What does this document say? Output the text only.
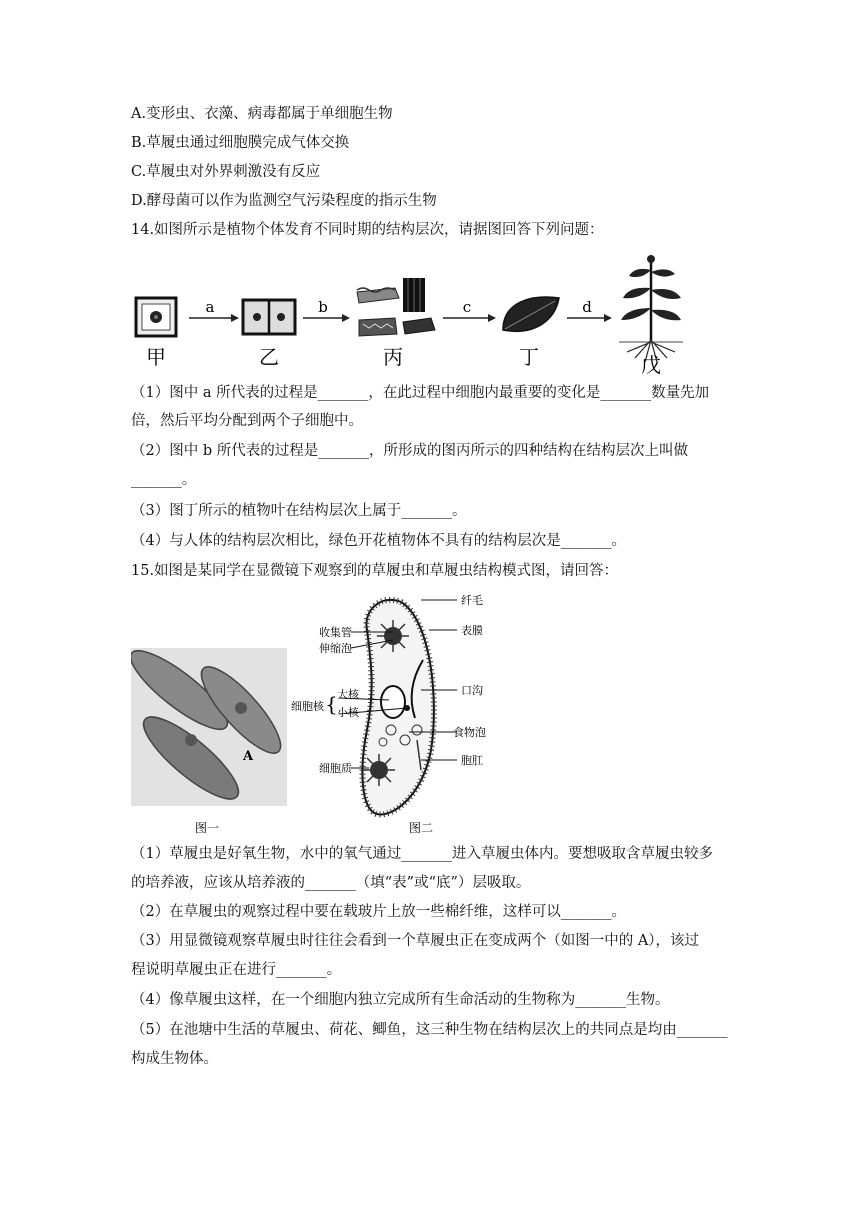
A.变形虫、衣藻、病毒都属于单细胞生物
B.草履虫通过细胞膜完成气体交换
C.草履虫对外界刺激没有反应
D.酵母菌可以作为监测空气污染程度的指示生物
14.如图所示是植物个体发育不同时期的结构层次，请据图回答下列问题：
a	b	c	d
甲	乙	丙	丁	戊
（1）图中 a 所代表的过程是_______，在此过程中细胞内最重要的变化是_______数量先加
倍，然后平均分配到两个子细胞中。
（2）图中 b 所代表的过程是_______，所形成的图丙所示的四种结构在结构层次上叫做
_______。
（3）图丁所示的植物叶在结构层次上属于_______。
（4）与人体的结构层次相比，绿色开花植物体不具有的结构层次是_______。
15.如图是某同学在显微镜下观察到的草履虫和草履虫结构模式图，请回答：
A
图一
纤毛
表膜
口沟
食物泡
胞肛
收集管
伸缩泡
细胞核 { 大核
小核
细胞质
图二
（1）草履虫是好氧生物，水中的氧气通过_______进入草履虫体内。要想吸取含草履虫较多
的培养液，应该从培养液的_______（填“表”或“底”）层吸取。
（2）在草履虫的观察过程中要在载玻片上放一些棉纤维，这样可以_______。
（3）用显微镜观察草履虫时往往会看到一个草履虫正在变成两个（如图一中的 A），该过
程说明草履虫正在进行_______。
（4）像草履虫这样，在一个细胞内独立完成所有生命活动的生物称为_______生物。
（5）在池塘中生活的草履虫、荷花、鲫鱼，这三种生物在结构层次上的共同点是均由_______
构成生物体。
